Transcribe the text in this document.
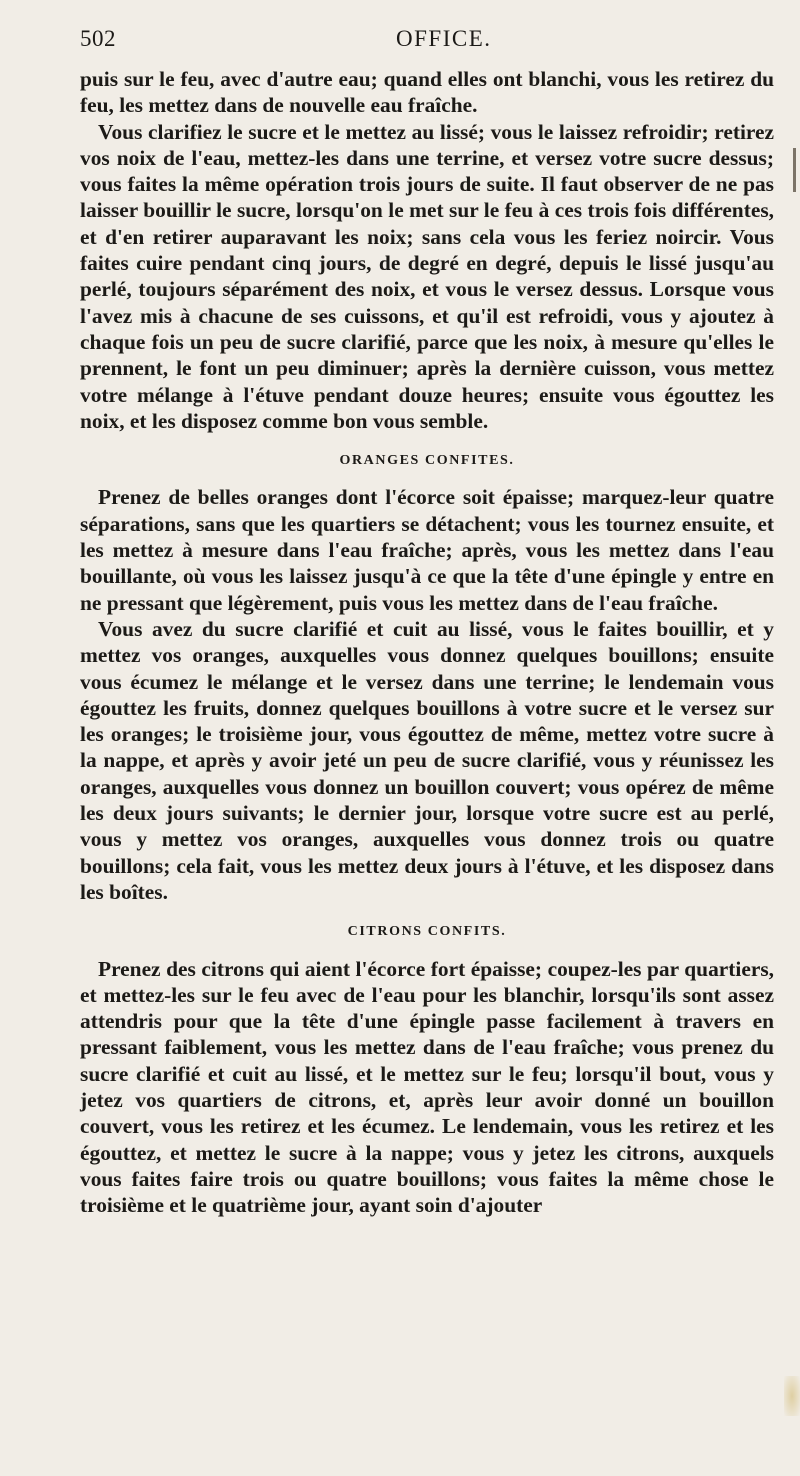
502	OFFICE.

puis sur le feu, avec d'autre eau; quand elles ont blanchi, vous les retirez du feu, les mettez dans de nouvelle eau fraîche.

Vous clarifiez le sucre et le mettez au lissé; vous le laissez refroidir; retirez vos noix de l'eau, mettez-les dans une terrine, et versez votre sucre dessus; vous faites la même opération trois jours de suite. Il faut observer de ne pas laisser bouillir le sucre, lorsqu'on le met sur le feu à ces trois fois différentes, et d'en retirer auparavant les noix; sans cela vous les feriez noircir. Vous faites cuire pendant cinq jours, de degré en degré, depuis le lissé jusqu'au perlé, toujours séparément des noix, et vous le versez dessus. Lorsque vous l'avez mis à chacune de ses cuissons, et qu'il est refroidi, vous y ajoutez à chaque fois un peu de sucre clarifié, parce que les noix, à mesure qu'elles le prennent, le font un peu diminuer; après la dernière cuisson, vous mettez votre mélange à l'étuve pendant douze heures; ensuite vous égouttez les noix, et les disposez comme bon vous semble.

ORANGES CONFITES.

Prenez de belles oranges dont l'écorce soit épaisse; marquez-leur quatre séparations, sans que les quartiers se détachent; vous les tournez ensuite, et les mettez à mesure dans l'eau fraîche; après, vous les mettez dans l'eau bouillante, où vous les laissez jusqu'à ce que la tête d'une épingle y entre en ne pressant que légèrement, puis vous les mettez dans de l'eau fraîche.

Vous avez du sucre clarifié et cuit au lissé, vous le faites bouillir, et y mettez vos oranges, auxquelles vous donnez quelques bouillons; ensuite vous écumez le mélange et le versez dans une terrine; le lendemain vous égouttez les fruits, donnez quelques bouillons à votre sucre et le versez sur les oranges; le troisième jour, vous égouttez de même, mettez votre sucre à la nappe, et après y avoir jeté un peu de sucre clarifié, vous y réunissez les oranges, auxquelles vous donnez un bouillon couvert; vous opérez de même les deux jours suivants; le dernier jour, lorsque votre sucre est au perlé, vous y mettez vos oranges, auxquelles vous donnez trois ou quatre bouillons; cela fait, vous les mettez deux jours à l'étuve, et les disposez dans les boîtes.

CITRONS CONFITS.

Prenez des citrons qui aient l'écorce fort épaisse; coupez-les par quartiers, et mettez-les sur le feu avec de l'eau pour les blanchir, lorsqu'ils sont assez attendris pour que la tête d'une épingle passe facilement à travers en pressant faiblement, vous les mettez dans de l'eau fraîche; vous prenez du sucre clarifié et cuit au lissé, et le mettez sur le feu; lorsqu'il bout, vous y jetez vos quartiers de citrons, et, après leur avoir donné un bouillon couvert, vous les retirez et les écumez. Le lendemain, vous les retirez et les égouttez, et mettez le sucre à la nappe; vous y jetez les citrons, auxquels vous faites faire trois ou quatre bouillons; vous faites la même chose le troisième et le quatrième jour, ayant soin d'ajouter
